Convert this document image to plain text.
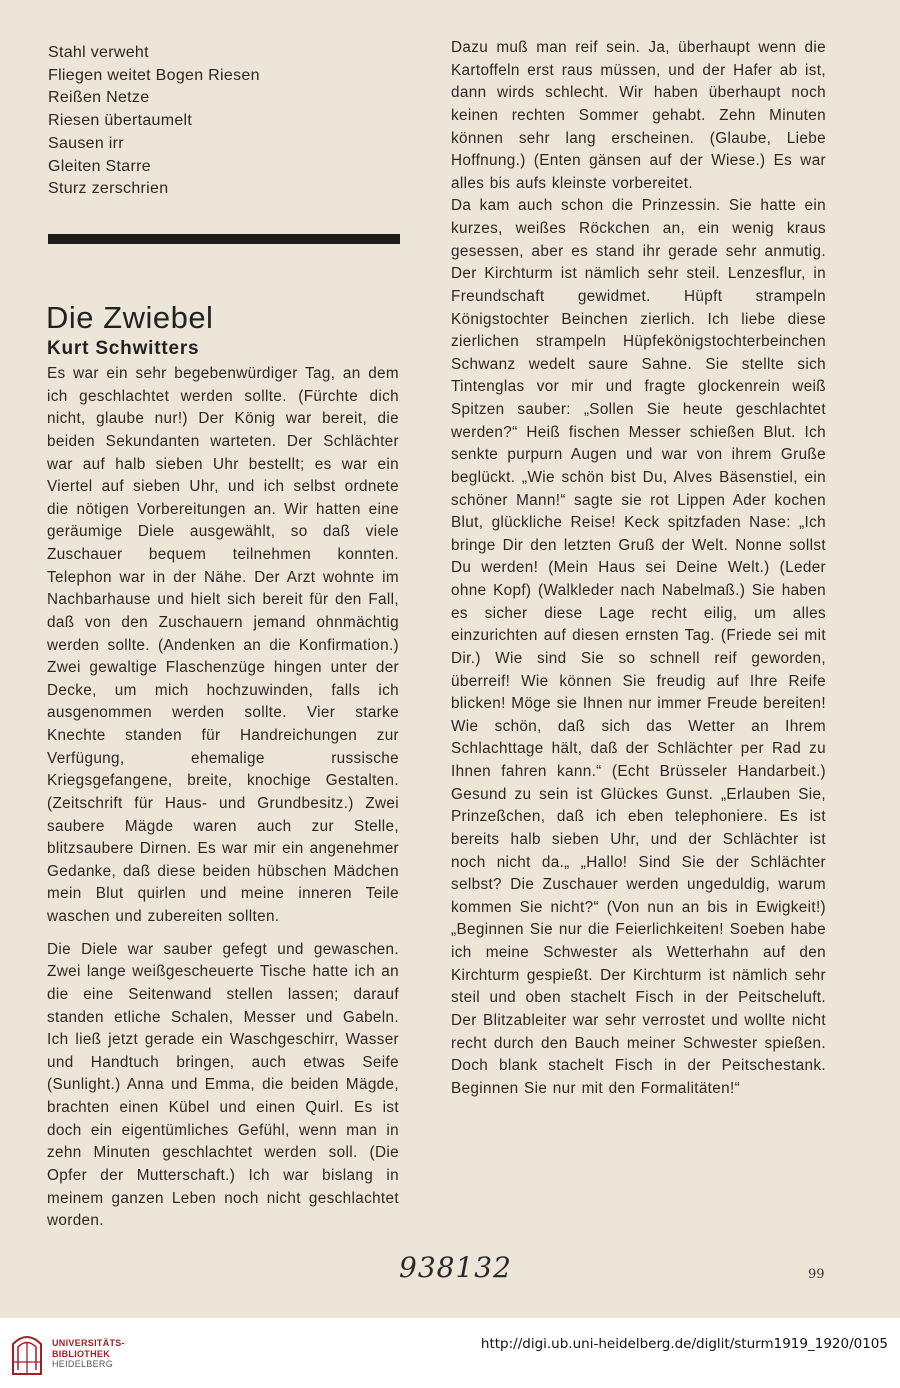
Stahl verweht
Fliegen weitet Bogen Riesen
Reißen Netze
Riesen übertaumelt
Sausen irr
Gleiten Starre
Sturz zerschrien
Die Zwiebel
Kurt Schwitters

Es war ein sehr begebenwürdiger Tag, an dem ich geschlachtet werden sollte. (Fürchte dich nicht, glaube nur!) Der König war bereit, die beiden Sekundanten warteten. Der Schlächter war auf halb sieben Uhr bestellt; es war ein Viertel auf sieben Uhr, und ich selbst ordnete die nötigen Vorbereitungen an. Wir hatten eine geräumige Diele ausgewählt, so daß viele Zuschauer bequem teilnehmen konnten. Telephon war in der Nähe. Der Arzt wohnte im Nachbarhause und hielt sich bereit für den Fall, daß von den Zuschauern jemand ohnmächtig werden sollte. (Andenken an die Konfirmation.) Zwei gewaltige Flaschenzüge hingen unter der Decke, um mich hochzuwinden, falls ich ausgenommen werden sollte. Vier starke Knechte standen für Handreichungen zur Verfügung, ehemalige russische Kriegsgefangene, breite, knochige Gestalten. (Zeitschrift für Haus- und Grundbesitz.) Zwei saubere Mägde waren auch zur Stelle, blitzsaubere Dirnen. Es war mir ein angenehmer Gedanke, daß diese beiden hübschen Mädchen mein Blut quirlen und meine inneren Teile waschen und zubereiten sollten.

Die Diele war sauber gefegt und gewaschen. Zwei lange weißgescheuerte Tische hatte ich an die eine Seitenwand stellen lassen; darauf standen etliche Schalen, Messer und Gabeln. Ich ließ jetzt gerade ein Waschgeschirr, Wasser und Handtuch bringen, auch etwas Seife (Sunlight.) Anna und Emma, die beiden Mägde, brachten einen Kübel und einen Quirl. Es ist doch ein eigentümliches Gefühl, wenn man in zehn Minuten geschlachtet werden soll. (Die Opfer der Mutterschaft.) Ich war bislang in meinem ganzen Leben noch nicht geschlachtet worden.

Dazu muß man reif sein. Ja, überhaupt wenn die Kartoffeln erst raus müssen, und der Hafer ab ist, dann wirds schlecht. Wir haben überhaupt noch keinen rechten Sommer gehabt. Zehn Minuten können sehr lang erscheinen. (Glaube, Liebe Hoffnung.) (Enten gänsen auf der Wiese.) Es war alles bis aufs kleinste vorbereitet.

Da kam auch schon die Prinzessin. Sie hatte ein kurzes, weißes Röckchen an, ein wenig kraus gesessen, aber es stand ihr gerade sehr anmutig. Der Kirchturm ist nämlich sehr steil. Lenzesflur, in Freundschaft gewidmet. Hüpft strampeln Königstochter Beinchen zierlich. Ich liebe diese zierlichen strampeln Hüpfekönigstochterbeinchen Schwanz wedelt saure Sahne. Sie stellte sich Tintenglas vor mir und fragte glockenrein weiß Spitzen sauber: „Sollen Sie heute geschlachtet werden?“ Heiß fischen Messer schießen Blut. Ich senkte purpurn Augen und war von ihrem Gruße beglückt. „Wie schön bist Du, Alves Bäsenstiel, ein schöner Mann!“ sagte sie rot Lippen Ader kochen Blut, glückliche Reise! Keck spitzfaden Nase: „Ich bringe Dir den letzten Gruß der Welt. Nonne sollst Du werden! (Mein Haus sei Deine Welt.) (Leder ohne Kopf) (Walkleder nach Nabelmaß.) Sie haben es sicher diese Lage recht eilig, um alles einzurichten auf diesen ernsten Tag. (Friede sei mit Dir.) Wie sind Sie so schnell reif geworden, überreif! Wie können Sie freudig auf Ihre Reife blicken! Möge sie Ihnen nur immer Freude bereiten! Wie schön, daß sich das Wetter an Ihrem Schlachttage hält, daß der Schlächter per Rad zu Ihnen fahren kann.“ (Echt Brüsseler Handarbeit.) Gesund zu sein ist Glückes Gunst. „Erlauben Sie, Prinzeßchen, daß ich eben telephoniere. Es ist bereits halb sieben Uhr, und der Schlächter ist noch nicht da.„ „Hallo! Sind Sie der Schlächter selbst? Die Zuschauer werden ungeduldig, warum kommen Sie nicht?“ (Von nun an bis in Ewigkeit!) „Beginnen Sie nur die Feierlichkeiten! Soeben habe ich meine Schwester als Wetterhahn auf den Kirchturm gespießt. Der Kirchturm ist nämlich sehr steil und oben stachelt Fisch in der Peitscheluft. Der Blitzableiter war sehr verrostet und wollte nicht recht durch den Bauch meiner Schwester spießen. Doch blank stachelt Fisch in der Peitschestank. Beginnen Sie nur mit den Formalitäten!“

938132	99
UNIVERSITÄTS-
BIBLIOTHEK
HEIDELBERG
http://digi.ub.uni-heidelberg.de/diglit/sturm1919_1920/0105
